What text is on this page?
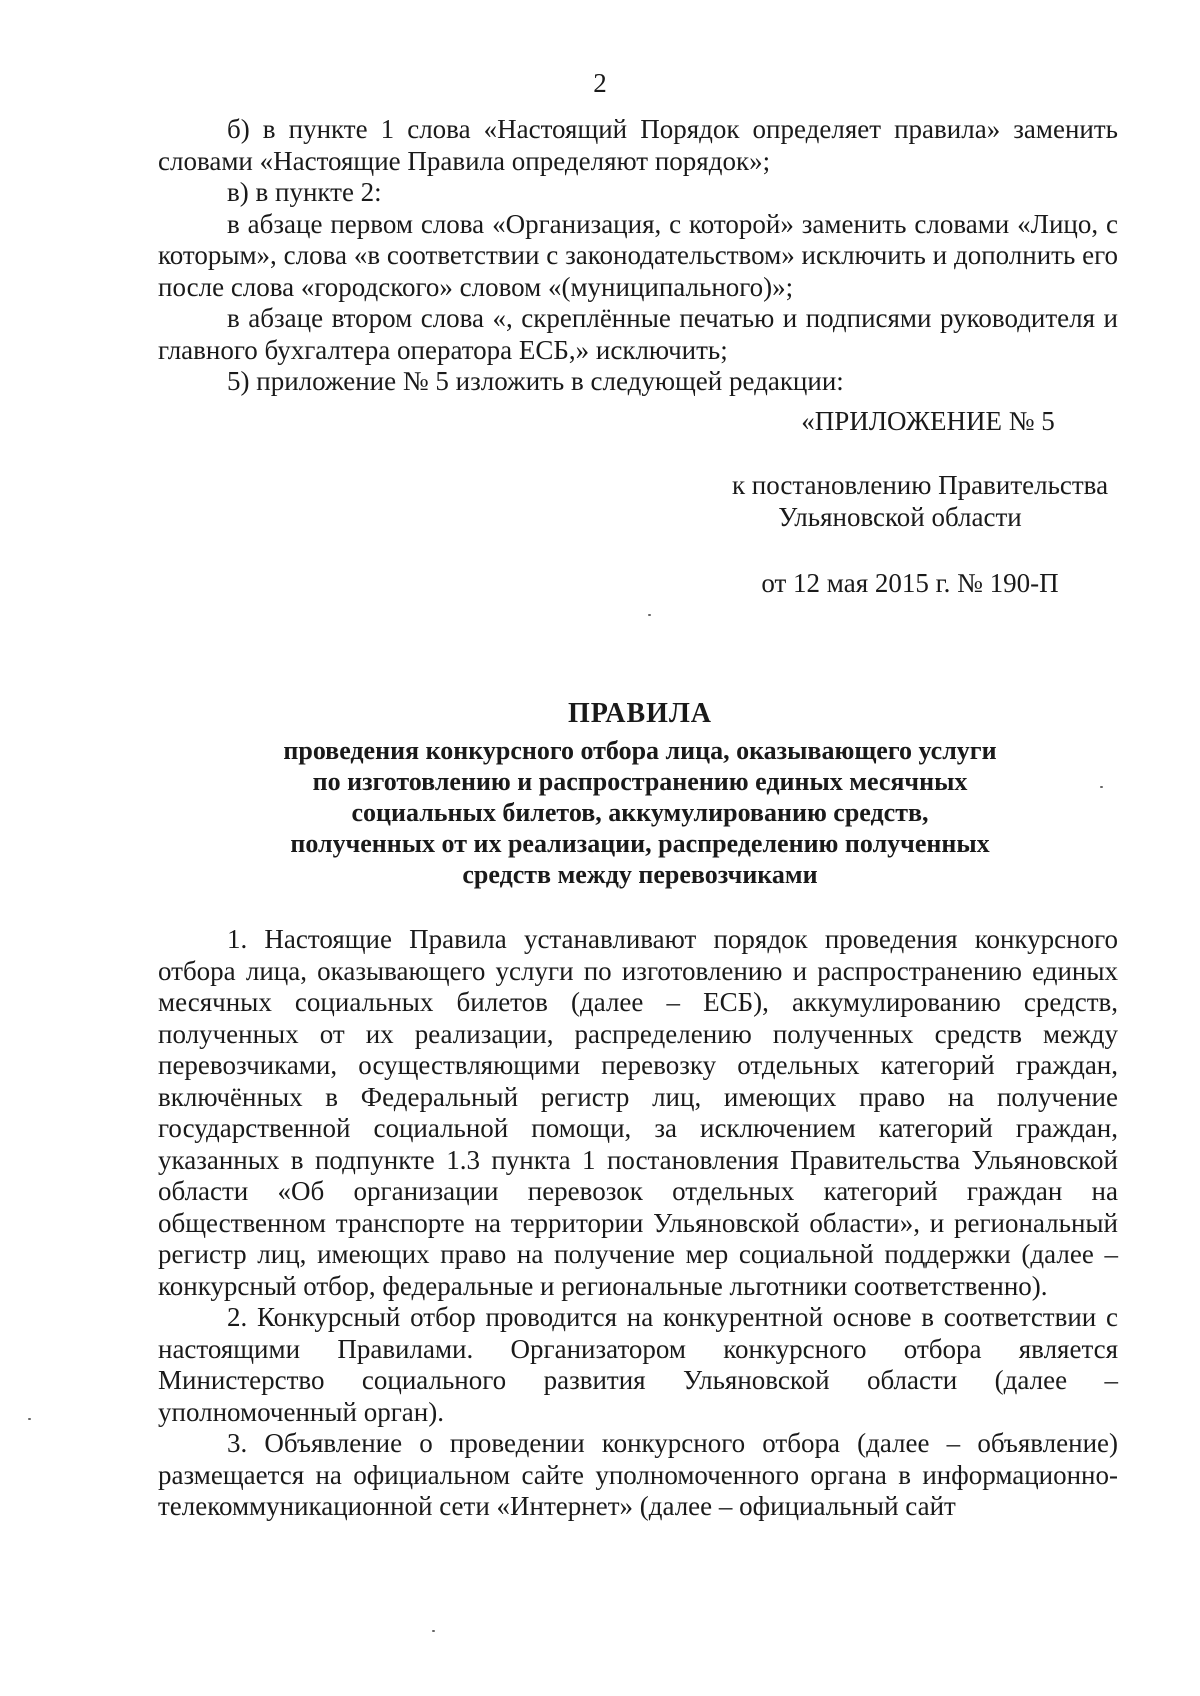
2

б) в пункте 1 слова «Настоящий Порядок определяет правила» заменить словами «Настоящие Правила определяют порядок»;

в) в пункте 2:

в абзаце первом слова «Организация, с которой» заменить словами «Лицо, с которым», слова «в соответствии с законодательством» исключить и дополнить его после слова «городского» словом «(муниципального)»;

в абзаце втором слова «, скреплённые печатью и подписями руководителя и главного бухгалтера оператора ЕСБ,» исключить;

5) приложение № 5 изложить в следующей редакции:

«ПРИЛОЖЕНИЕ № 5
к постановлению Правительства
Ульяновской области
от 12 мая 2015 г. № 190-П
ПРАВИЛА
проведения конкурсного отбора лица, оказывающего услуги
по изготовлению и распространению единых месячных
социальных билетов, аккумулированию средств,
полученных от их реализации, распределению полученных
средств между перевозчиками

1. Настоящие Правила устанавливают порядок проведения конкурсного отбора лица, оказывающего услуги по изготовлению и распространению единых месячных социальных билетов (далее – ЕСБ), аккумулированию средств, полученных от их реализации, распределению полученных средств между перевозчиками, осуществляющими перевозку отдельных категорий граждан, включённых в Федеральный регистр лиц, имеющих право на получение государственной социальной помощи, за исключением категорий граждан, указанных в подпункте 1.3 пункта 1 постановления Правительства Ульяновской области «Об организации перевозок отдельных категорий граждан на общественном транспорте на территории Ульяновской области», и региональный регистр лиц, имеющих право на получение мер социальной поддержки (далее – конкурсный отбор, федеральные и региональные льготники соответственно).

2. Конкурсный отбор проводится на конкурентной основе в соответствии с настоящими Правилами. Организатором конкурсного отбора является Министерство социального развития Ульяновской области (далее – уполномоченный орган).

3. Объявление о проведении конкурсного отбора (далее – объявление) размещается на официальном сайте уполномоченного органа в информационно-телекоммуникационной сети «Интернет» (далее – официальный сайт
